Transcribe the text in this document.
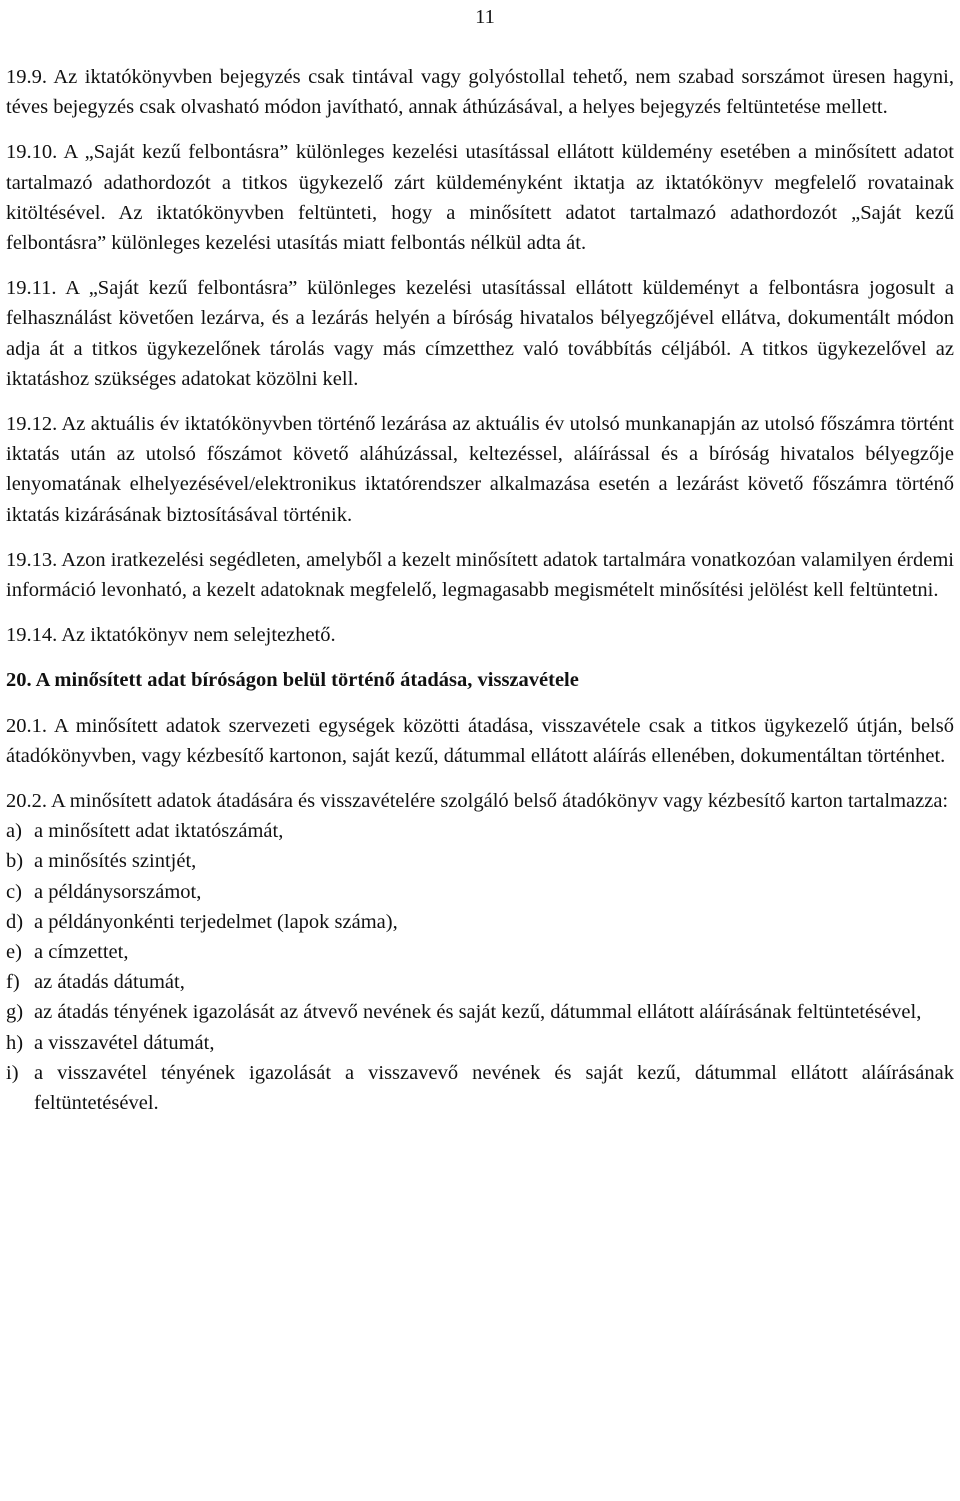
11

19.9. Az iktatókönyvben bejegyzés csak tintával vagy golyóstollal tehető, nem szabad sorszámot üresen hagyni, téves bejegyzés csak olvasható módon javítható, annak áthúzásával, a helyes bejegyzés feltüntetése mellett.

19.10. A „Saját kezű felbontásra” különleges kezelési utasítással ellátott küldemény esetében a minősített adatot tartalmazó adathordozót a titkos ügykezelő zárt küldeményként iktatja az iktatókönyv megfelelő rovatainak kitöltésével. Az iktatókönyvben feltünteti, hogy a minősített adatot tartalmazó adathordozót „Saját kezű felbontásra” különleges kezelési utasítás miatt felbontás nélkül adta át.

19.11. A „Saját kezű felbontásra” különleges kezelési utasítással ellátott küldeményt a felbontásra jogosult a felhasználást követően lezárva, és a lezárás helyén a bíróság hivatalos bélyegzőjével ellátva, dokumentált módon adja át a titkos ügykezelőnek tárolás vagy más címzetthez való továbbítás céljából. A titkos ügykezelővel az iktatáshoz szükséges adatokat közölni kell.

19.12. Az aktuális év iktatókönyvben történő lezárása az aktuális év utolsó munkanapján az utolsó főszámra történt iktatás után az utolsó főszámot követő aláhúzással, keltezéssel, aláírással és a bíróság hivatalos bélyegzője lenyomatának elhelyezésével/elektronikus iktatórendszer alkalmazása esetén a lezárást követő főszámra történő iktatás kizárásának biztosításával történik.

19.13. Azon iratkezelési segédleten, amelyből a kezelt minősített adatok tartalmára vonatkozóan valamilyen érdemi információ levonható, a kezelt adatoknak megfelelő, legmagasabb megismételt minősítési jelölést kell feltüntetni.

19.14. Az iktatókönyv nem selejtezhető.

20. A minősített adat bíróságon belül történő átadása, visszavétele

20.1. A minősített adatok szervezeti egységek közötti átadása, visszavétele csak a titkos ügykezelő útján, belső átadókönyvben, vagy kézbesítő kartonon, saját kezű, dátummal ellátott aláírás ellenében, dokumentáltan történhet.

20.2. A minősített adatok átadására és visszavételére szolgáló belső átadókönyv vagy kézbesítő karton tartalmazza:

a) a minősített adat iktatószámát,
b) a minősítés szintjét,
c) a példánysorszámot,
d) a példányonkénti terjedelmet (lapok száma),
e) a címzettet,
f) az átadás dátumát,
g) az átadás tényének igazolását az átvevő nevének és saját kezű, dátummal ellátott aláírásának feltüntetésével,
h) a visszavétel dátumát,
i) a visszavétel tényének igazolását a visszavevő nevének és saját kezű, dátummal ellátott aláírásának feltüntetésével.
